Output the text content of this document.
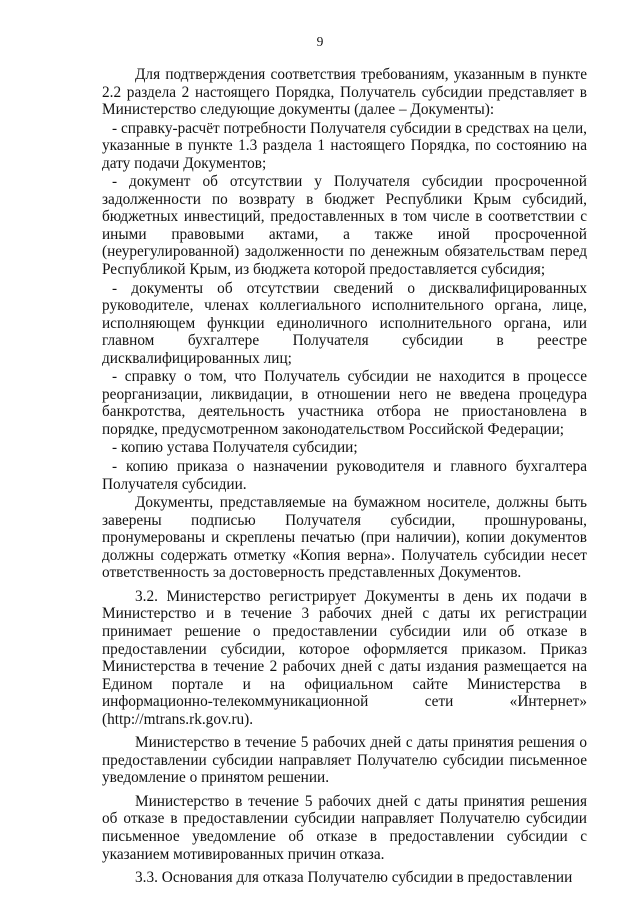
9

Для подтверждения соответствия требованиям, указанным в пункте 2.2 раздела 2 настоящего Порядка, Получатель субсидии представляет в Министерство следующие документы (далее – Документы):

- справку-расчёт потребности Получателя субсидии в средствах на цели, указанные в пункте 1.3 раздела 1 настоящего Порядка, по состоянию на дату подачи Документов;

- документ об отсутствии у Получателя субсидии просроченной задолженности по возврату в бюджет Республики Крым субсидий, бюджетных инвестиций, предоставленных в том числе в соответствии с иными правовыми актами, а также иной просроченной (неурегулированной) задолженности по денежным обязательствам перед Республикой Крым, из бюджета которой предоставляется субсидия;

- документы об отсутствии сведений о дисквалифицированных руководителе, членах коллегиального исполнительного органа, лице, исполняющем функции единоличного исполнительного органа, или главном бухгалтере Получателя субсидии в реестре дисквалифицированных лиц;

- справку о том, что Получатель субсидии не находится в процессе реорганизации, ликвидации, в отношении него не введена процедура банкротства, деятельность участника отбора не приостановлена в порядке, предусмотренном законодательством Российской Федерации;

- копию устава Получателя субсидии;

- копию приказа о назначении руководителя и главного бухгалтера Получателя субсидии.

Документы, представляемые на бумажном носителе, должны быть заверены подписью Получателя субсидии, прошнурованы, пронумерованы и скреплены печатью (при наличии), копии документов должны содержать отметку «Копия верна». Получатель субсидии несет ответственность за достоверность представленных Документов.

3.2. Министерство регистрирует Документы в день их подачи в Министерство и в течение 3 рабочих дней с даты их регистрации принимает решение о предоставлении субсидии или об отказе в предоставлении субсидии, которое оформляется приказом. Приказ Министерства в течение 2 рабочих дней с даты издания размещается на Едином портале и на официальном сайте Министерства в информационно-телекоммуникационной сети «Интернет» (http://mtrans.rk.gov.ru).

Министерство в течение 5 рабочих дней с даты принятия решения о предоставлении субсидии направляет Получателю субсидии письменное уведомление о принятом решении.

Министерство в течение 5 рабочих дней с даты принятия решения об отказе в предоставлении субсидии направляет Получателю субсидии письменное уведомление об отказе в предоставлении субсидии с указанием мотивированных причин отказа.

3.3. Основания для отказа Получателю субсидии в предоставлении
